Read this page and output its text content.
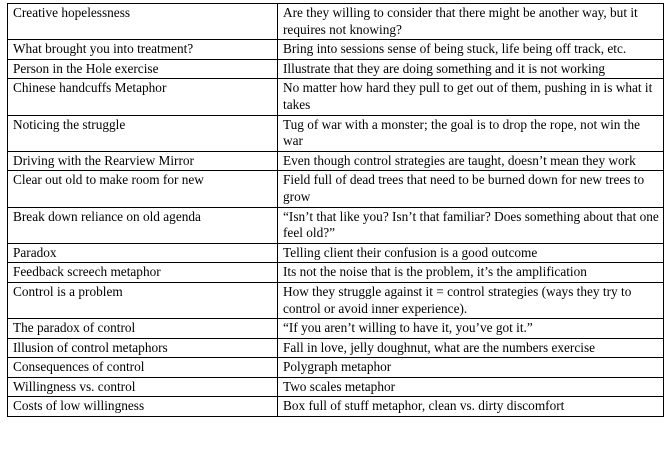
Creative hopelessness	Are they willing to consider that there might be another way, but it requires not knowing?
What brought you into treatment?	Bring into sessions sense of being stuck, life being off track, etc.
Person in the Hole exercise	Illustrate that they are doing something and it is not working
Chinese handcuffs Metaphor	No matter how hard they pull to get out of them, pushing in is what it takes
Noticing the struggle	Tug of war with a monster; the goal is to drop the rope, not win the war
Driving with the Rearview Mirror	Even though control strategies are taught, doesn’t mean they work
Clear out old to make room for new	Field full of dead trees that need to be burned down for new trees to grow
Break down reliance on old agenda	“Isn’t that like you? Isn’t that familiar? Does something about that one feel old?”
Paradox	Telling client their confusion is a good outcome
Feedback screech metaphor	Its not the noise that is the problem, it’s the amplification
Control is a problem	How they struggle against it = control strategies (ways they try to control or avoid inner experience).
The paradox of control	“If you aren’t willing to have it, you’ve got it.”
Illusion of control metaphors	Fall in love, jelly doughnut, what are the numbers exercise
Consequences of control	Polygraph metaphor
Willingness vs. control	Two scales metaphor
Costs of low willingness	Box full of stuff metaphor, clean vs. dirty discomfort
